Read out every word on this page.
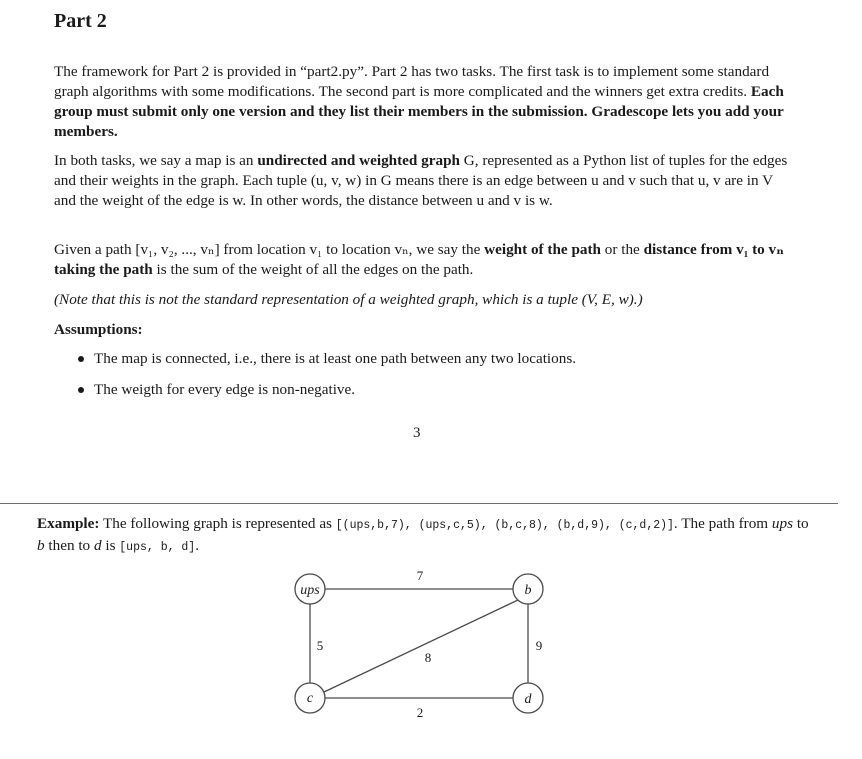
Part 2

The framework for Part 2 is provided in “part2.py”. Part 2 has two tasks. The first task is to implement some standard graph algorithms with some modifications. The second part is more complicated and the winners get extra credits. Each group must submit only one version and they list their members in the submission. Gradescope lets you add your members.

In both tasks, we say a map is an undirected and weighted graph G, represented as a Python list of tuples for the edges and their weights in the graph. Each tuple (u, v, w) in G means there is an edge between u and v such that u, v are in V and the weight of the edge is w. In other words, the distance between u and v is w.

Given a path [v₁, v₂, ..., vₙ] from location v₁ to location vₙ, we say the weight of the path or the distance from v₁ to vₙ taking the path is the sum of the weight of all the edges on the path.

(Note that this is not the standard representation of a weighted graph, which is a tuple (V, E, w).)

Assumptions:

The map is connected, i.e., there is at least one path between any two locations.
The weigth for every edge is non-negative.
3

Example: The following graph is represented as [(ups,b,7), (ups,c,5), (b,c,8), (b,d,9), (c,d,2)]. The path from ups to b then to d is [ups, b, d].

ups	b
c	d
7
5
8
9
2
